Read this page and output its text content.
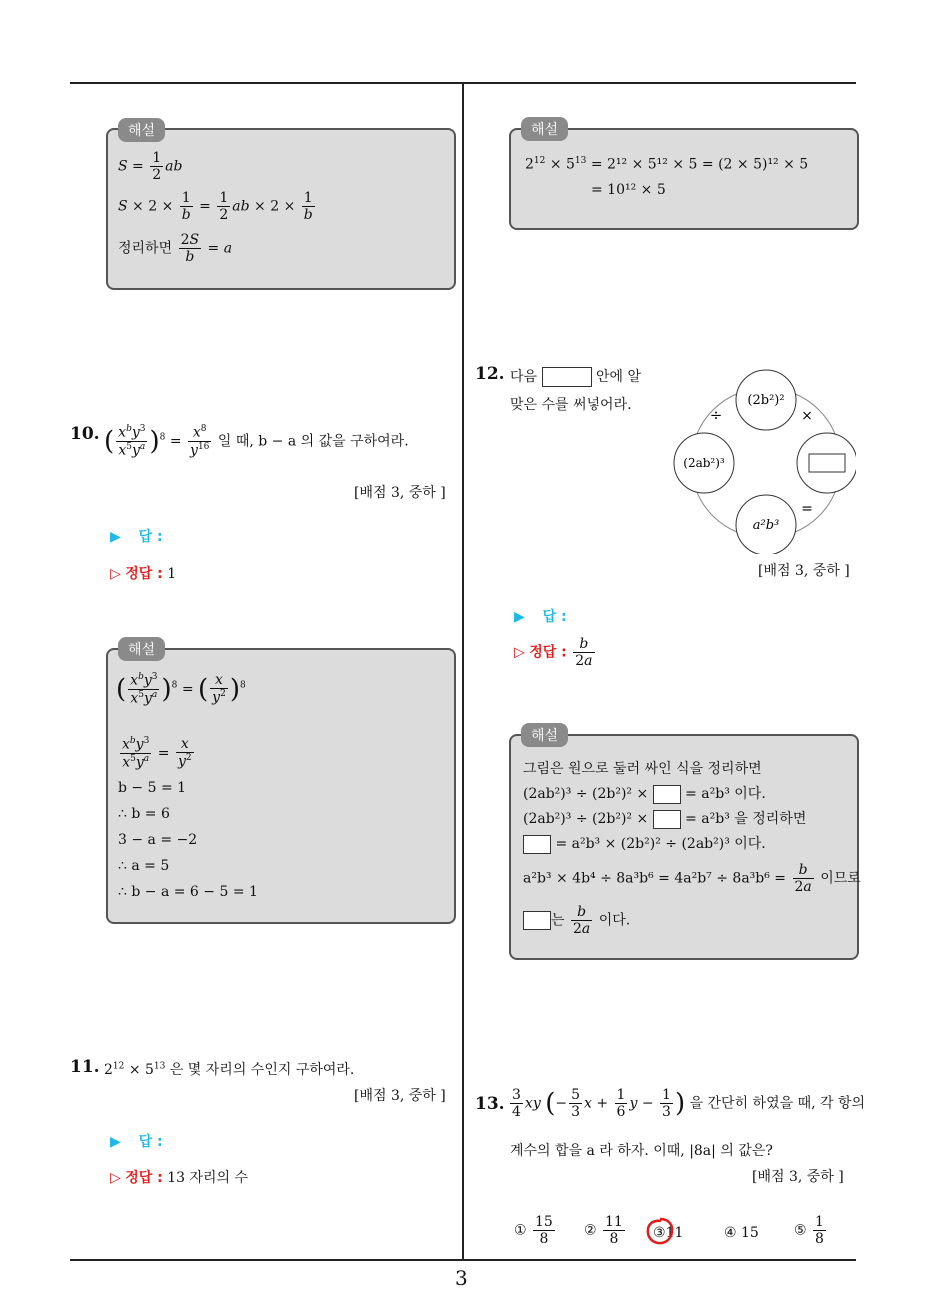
3
$S = \frac{1}{2}$ ab
$S \times 2 \times \frac{1}{b} = \frac{1}{2}$ ab × $2 \times \frac{1}{b}$
정리하면 $\frac{2S}{b} = a$
해설
10. ( $\frac{x^by^3}{x^5y^a} )^8 = \frac{x^8}{y^{16}}$ 일 때, b − a 의 값을 구하여라.
[배점 3, 중하 ]
▶ 답 :
▷ 정답 : 1
( $\frac{x^by^3}{x^5y^a} )^8$ = ( $\frac{x}{y^2} )^8$
$\frac{x^by^3}{x^5y^a} = \frac{x}{y^2}$
b − 5 = 1
∴ b = 6
3 − a = −2
∴ a = 5
∴ b − a = 6 − 5 = 1
해설
11. $2^{12} \times 5^{13}$ 은 몇 자리의 수인지 구하여라.
[배점 3, 중하 ]
▶ 답 :
▷ 정답 : 13 자리의 수
$2^{12} \times 5^{13} = 2^{12} \times 5^{12} \times 5 = (2 \times 5)^{12} \times 5$
= 10¹² × 5
해설
12. 다음	안에 알
맞은 수를 써넣어라.	(2b²)²
(2ab²)³
a²b³
÷	×
=
[배점 3, 중하 ]
▶ 답 :
▷ 정답 : $\frac{b}{2a}$
그림은 원으로 둘러 싸인 식을 정리하면
(2ab²)³ ÷ (2b²)² ×	= a²b³ 이다.
(2ab²)³ ÷ (2b²)² ×	= a²b³ 을 정리하면
= a²b³ × (2b²)² ÷ (2ab²)³ 이다.
$a^2b^3 \times 4b^4 \div 8a^3b^6 = 4a^2b^7 \div 8a^3b^6 = \frac{b}{2a}$ 이므로
는 $\frac{b}{2a}$ 이다.
해설
13. $\frac{3}{4}$ xy (− $\frac{5}{3}$ $x + \frac{1}{6}$ $y - \frac{1}{3}$ ) 을 간단히 하였을 때, 각 항의
계수의 합을 a 라 하자. 이때, |8a| 의 값은?
[배점 3, 중하 ]
① $\frac{15}{8}$ ② $\frac{11}{8}$ ③11	④ 15	⑤ $\frac{1}{8}$
